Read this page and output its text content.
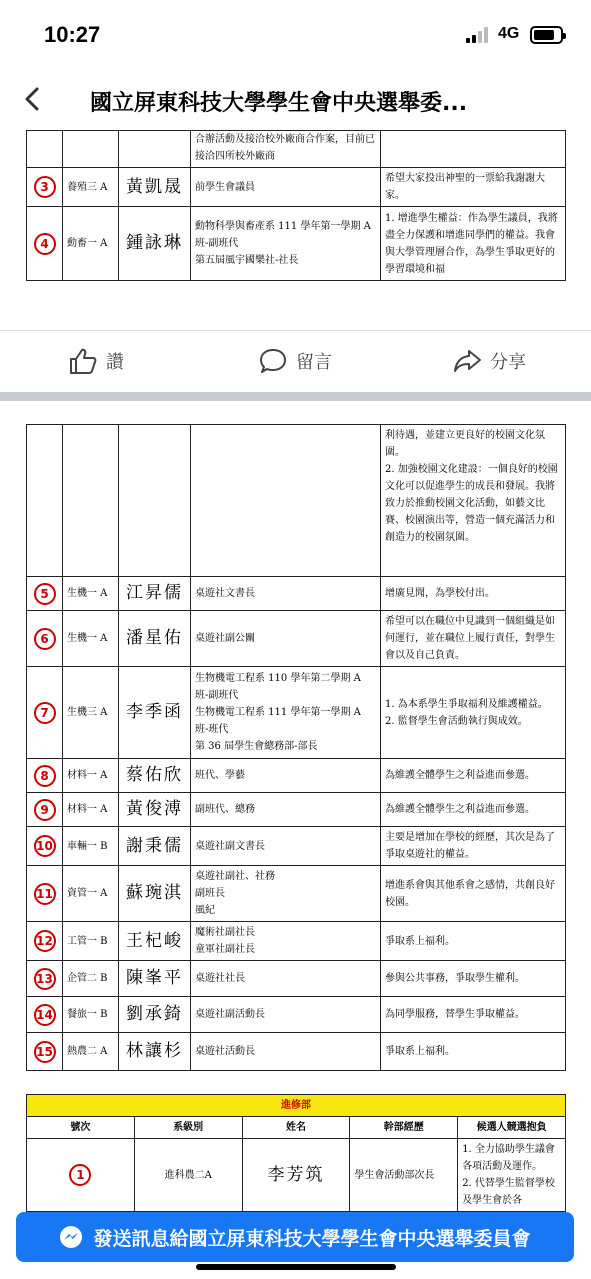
10:27	4G
國立屏東科技大學學生會中央選舉委...
			合辦活動及接洽校外廠商合作案，目前已接洽四所校外廠商	
3	養殖三 A	黃凱晟	前學生會議員	希望大家投出神聖的一票給我謝謝大家。
4	動畜一 A	鍾詠琳	動物科學與畜產系 111 學年第一學期 A 班-副班代
第五屆風宇國樂社-社長	1. 增進學生權益：作為學生議員，我將盡全力保護和增進同學們的權益。我會與大學管理層合作，為學生爭取更好的學習環境和福
讚	留言	分享
				利待遇，並建立更良好的校園文化氛圍。
2. 加強校園文化建設：一個良好的校園文化可以促進學生的成長和發展。我將致力於推動校園文化活動，如藝文比賽、校園演出等，營造一個充滿活力和創造力的校園氛圍。
5	生機一 A	江昇儒	桌遊社文書長	增廣見聞，為學校付出。
6	生機一 A	潘星佑	桌遊社副公關	希望可以在職位中見識到一個組織是如何運行，並在職位上履行責任，對學生會以及自己負責。
7	生機三 A	李季函	生物機電工程系 110 學年第二學期 A 班-副班代
生物機電工程系 111 學年第一學期 A 班-班代
第 36 屆學生會總務部-部長	1. 為本系學生爭取福利及維護權益。
2. 監督學生會活動執行與成效。
8	材料一 A	蔡佑欣	班代、學藝	為維護全體學生之利益進而參選。
9	材料一 A	黃俊溥	副班代、總務	為維護全體學生之利益進而參選。
10	車輛一 B	謝秉儒	桌遊社副文書長	主要是增加在學校的經歷，其次是為了爭取桌遊社的權益。
11	資管一 A	蘇琬淇	桌遊社副社、社務
副班長
風紀	增進系會與其他系會之感情，共創良好校園。
12	工管一 B	王杞峻	魔術社副社長
童軍社副社長	爭取系上福利。
13	企管二 B	陳峯平	桌遊社社長	參與公共事務，爭取學生權利。
14	餐旅一 B	劉承錡	桌遊社副活動長	為同學服務，替學生爭取權益。
15	熱農二 A	林讓杉	桌遊社活動長	爭取系上福利。
進修部				
號次	系級別	姓名	幹部經歷	候選人競選抱負
1	進科農二A	李芳筑	學生會活動部次長	1. 全力協助學生議會各項活動及運作。
2. 代替學生監督學校及學生會於各
發送訊息給國立屏東科技大學學生會中央選舉委員會
